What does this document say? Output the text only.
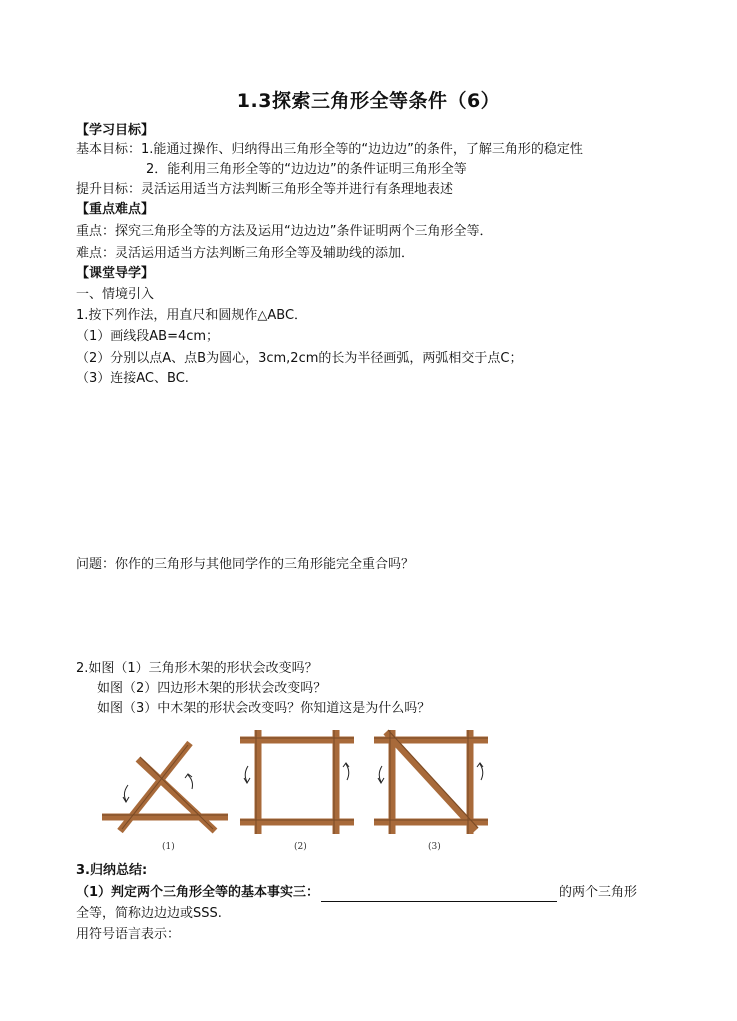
1.3探索三角形全等条件（6）
【学习目标】
基本目标：1.能通过操作、归纳得出三角形全等的“边边边”的条件，了解三角形的稳定性
2．能利用三角形全等的“边边边”的条件证明三角形全等
提升目标：灵活运用适当方法判断三角形全等并进行有条理地表述
【重点难点】
重点：探究三角形全等的方法及运用“边边边”条件证明两个三角形全等．
难点：灵活运用适当方法判断三角形全等及辅助线的添加．
【课堂导学】
一、情境引入
1.按下列作法，用直尺和圆规作△ABC．
（1）画线段AB=4cm；
（2）分别以点A、点B为圆心，3cm,2cm的长为半径画弧，两弧相交于点C；
（3）连接AC、BC.
问题：你作的三角形与其他同学作的三角形能完全重合吗？
2.如图（1）三角形木架的形状会改变吗？
如图（2）四边形木架的形状会改变吗？
如图（3）中木架的形状会改变吗？你知道这是为什么吗？
(1)	(2)	(3)
3.归纳总结:
（1）判定两个三角形全等的基本事实三：	的两个三角形
全等，简称边边边或SSS.
用符号语言表示：
